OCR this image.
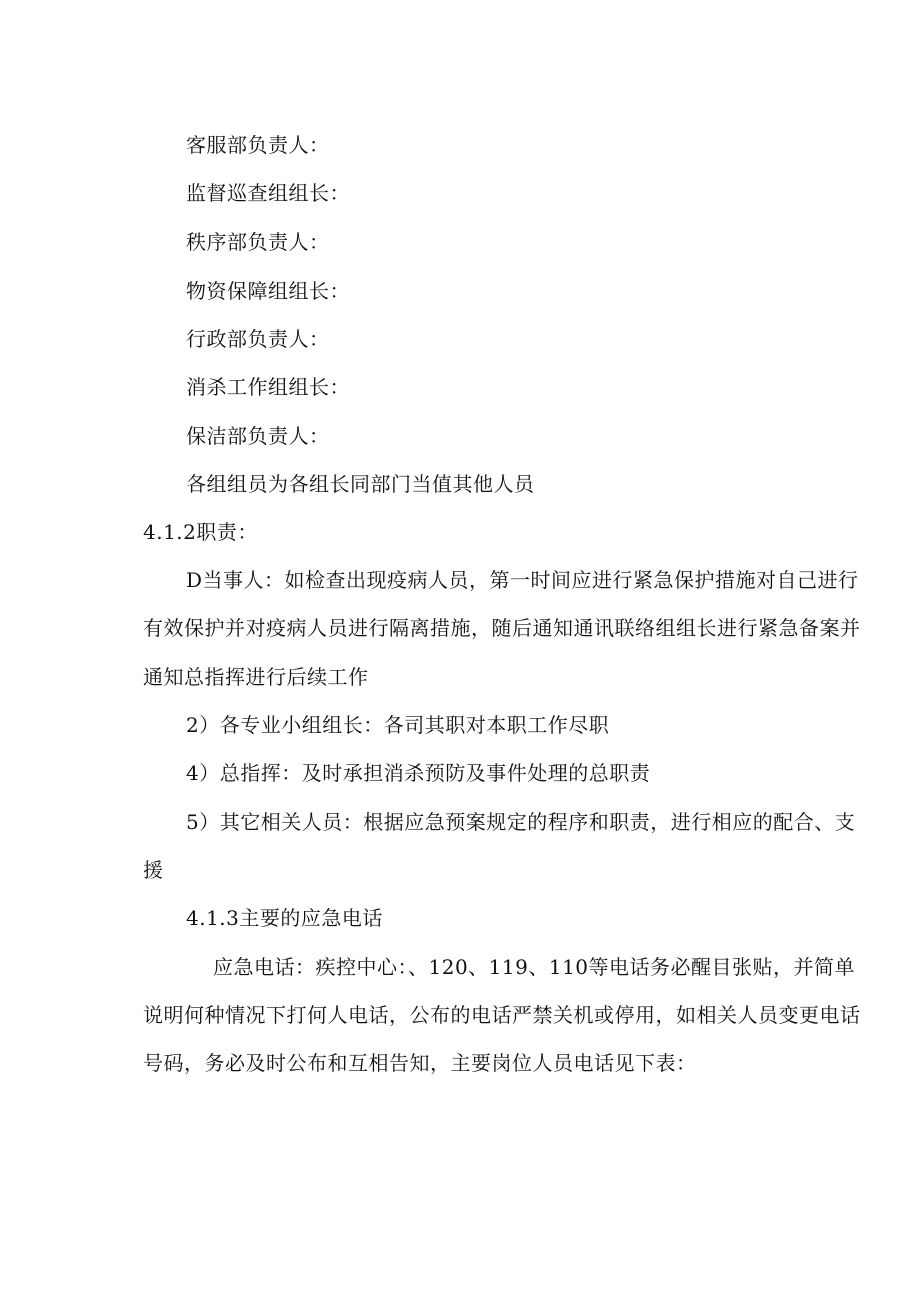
客服部负责人：
监督巡查组组长：
秩序部负责人：
物资保障组组长：
行政部负责人：
消杀工作组组长：
保洁部负责人：
各组组员为各组长同部门当值其他人员
4.1.2职责：
D当事人：如检查出现疫病人员，第一时间应进行紧急保护措施对自己进行
有效保护并对疫病人员进行隔离措施，随后通知通讯联络组组长进行紧急备案并
通知总指挥进行后续工作
2）各专业小组组长：各司其职对本职工作尽职
4）总指挥：及时承担消杀预防及事件处理的总职责
5）其它相关人员：根据应急预案规定的程序和职责，进行相应的配合、支
援
4.1.3主要的应急电话
应急电话：疾控中心：、120、119、110等电话务必醒目张贴，并简单
说明何种情况下打何人电话，公布的电话严禁关机或停用，如相关人员变更电话
号码，务必及时公布和互相告知，主要岗位人员电话见下表：
